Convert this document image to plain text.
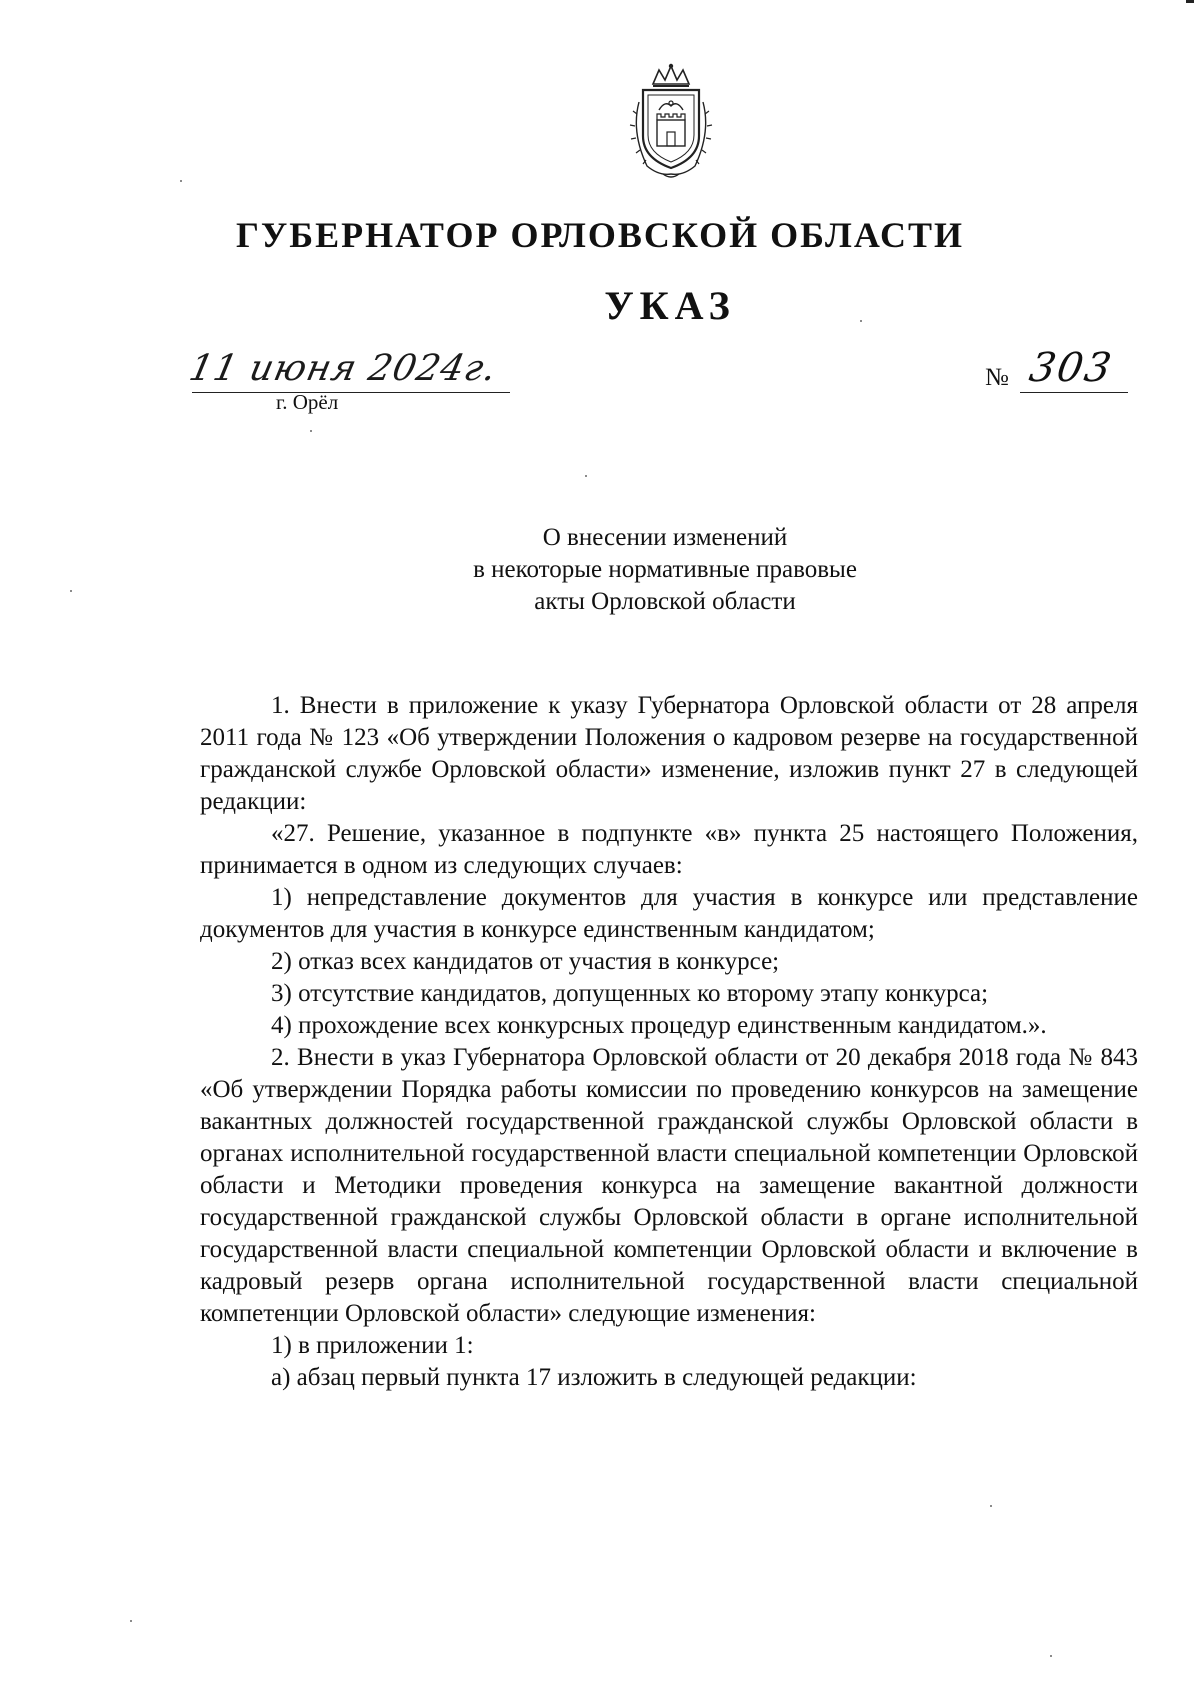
ГУБЕРНАТОР ОРЛОВСКОЙ ОБЛАСТИ
УКАЗ
11 июня 2024г.
г. Орёл
№ 303
О внесении изменений
в некоторые нормативные правовые
акты Орловской области

1. Внести в приложение к указу Губернатора Орловской области от 28 апреля 2011 года № 123 «Об утверждении Положения о кадровом резерве на государственной гражданской службе Орловской области» изменение, изложив пункт 27 в следующей редакции:

«27. Решение, указанное в подпункте «в» пункта 25 настоящего Положения, принимается в одном из следующих случаев:

1) непредставление документов для участия в конкурсе или представление документов для участия в конкурсе единственным кандидатом;

2) отказ всех кандидатов от участия в конкурсе;

3) отсутствие кандидатов, допущенных ко второму этапу конкурса;

4) прохождение всех конкурсных процедур единственным кандидатом.».

2. Внести в указ Губернатора Орловской области от 20 декабря 2018 года № 843 «Об утверждении Порядка работы комиссии по проведению конкурсов на замещение вакантных должностей государственной гражданской службы Орловской области в органах исполнительной государственной власти специальной компетенции Орловской области и Методики проведения конкурса на замещение вакантной должности государственной гражданской службы Орловской области в органе исполнительной государственной власти специальной компетенции Орловской области и включение в кадровый резерв органа исполнительной государственной власти специальной компетенции Орловской области» следующие изменения:

1) в приложении 1:

а) абзац первый пункта 17 изложить в следующей редакции:
